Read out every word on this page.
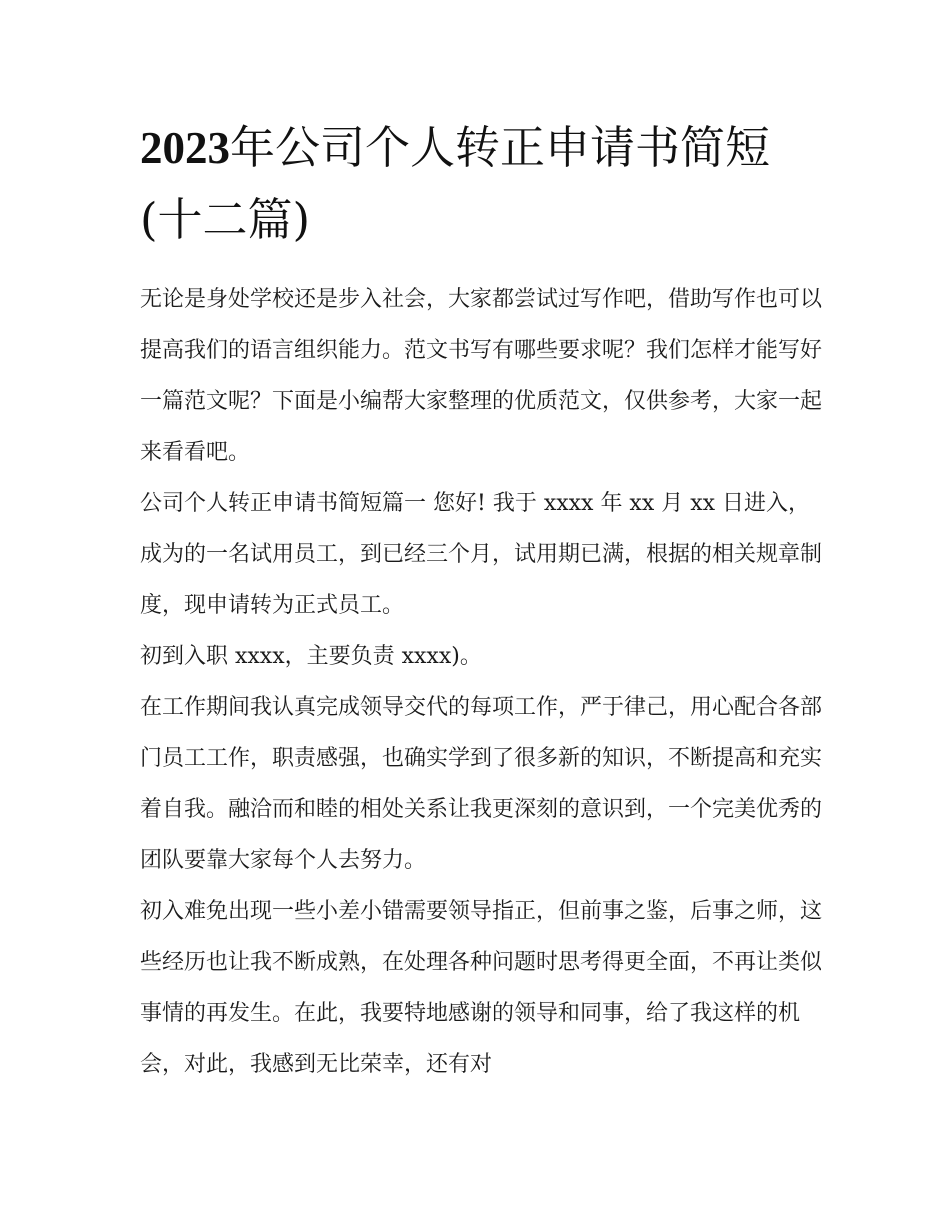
2023年公司个人转正申请书简短(十二篇)

无论是身处学校还是步入社会，大家都尝试过写作吧，借助写作也可以提高我们的语言组织能力。范文书写有哪些要求呢？我们怎样才能写好一篇范文呢？下面是小编帮大家整理的优质范文，仅供参考，大家一起来看看吧。

公司个人转正申请书简短篇一 您好! 我于 xxxx 年 xx 月 xx 日进入，成为的一名试用员工，到已经三个月，试用期已满，根据的相关规章制度，现申请转为正式员工。

初到入职 xxxx，主要负责 xxxx)。

在工作期间我认真完成领导交代的每项工作，严于律己，用心配合各部门员工工作，职责感强，也确实学到了很多新的知识，不断提高和充实着自我。融洽而和睦的相处关系让我更深刻的意识到，一个完美优秀的团队要靠大家每个人去努力。

初入难免出现一些小差小错需要领导指正，但前事之鉴，后事之师，这些经历也让我不断成熟，在处理各种问题时思考得更全面，不再让类似事情的再发生。在此，我要特地感谢的领导和同事，给了我这样的机会，对此，我感到无比荣幸，还有对
